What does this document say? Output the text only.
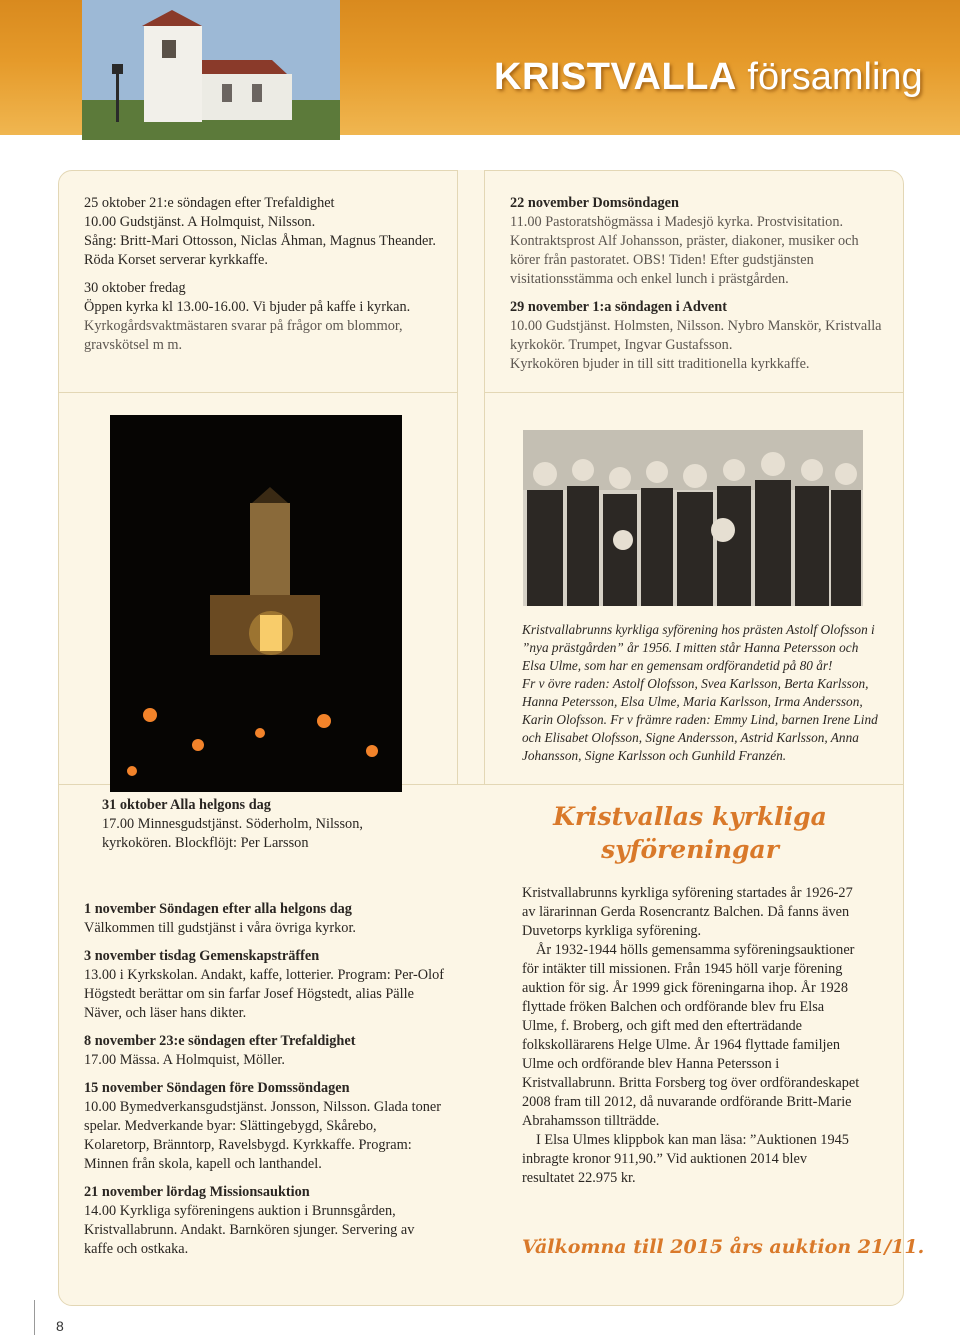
KRISTVALLA församling

25 oktober 21:e söndagen efter Trefaldighet

10.00 Gudstjänst. A Holmquist, Nilsson.

Sång: Britt-Mari Ottosson, Niclas Åhman, Magnus Theander.

Röda Korset serverar kyrkkaffe.

30 oktober fredag

Öppen kyrka kl 13.00-16.00. Vi bjuder på kaffe i kyrkan.

Kyrkogårdsvaktmästaren svarar på frågor om blommor, gravskötsel m m.

22 november Domsöndagen

11.00 Pastoratshögmässa i Madesjö kyrka. Prostvisitation.

Kontraktsprost Alf Johansson, präster, diakoner, musiker och körer från pastoratet. OBS! Tiden! Efter gudstjänsten visitationsstämma och enkel lunch i prästgården.

29 november 1:a söndagen i Advent

10.00 Gudstjänst. Holmsten, Nilsson. Nybro Manskör, Kristvalla kyrkokör. Trumpet, Ingvar Gustafsson.

Kyrkokören bjuder in till sitt traditionella kyrkkaffe.

Kristvallabrunns kyrkliga syförening hos prästen Astolf Olofsson i ”nya prästgården” år 1956. I mitten står Hanna Petersson och Elsa Ulme, som har en gemensam ordförandetid på 80 år!

Fr v övre raden: Astolf Olofsson, Svea Karlsson, Berta Karlsson, Hanna Petersson, Elsa Ulme, Maria Karlsson, Irma Andersson, Karin Olofsson. Fr v främre raden: Emmy Lind, barnen Irene Lind och Elisabet Olofsson, Signe Andersson, Astrid Karlsson, Anna Johansson, Signe Karlsson och Gunhild Franzén.

31 oktober Alla helgons dag

17.00 Minnesgudstjänst. Söderholm, Nilsson, kyrkokören. Blockflöjt: Per Larsson

1 november Söndagen efter alla helgons dag

Välkommen till gudstjänst i våra övriga kyrkor.

3 november tisdag Gemenskapsträffen

13.00 i Kyrkskolan. Andakt, kaffe, lotterier. Program: Per-Olof Högstedt berättar om sin farfar Josef Högstedt, alias Pälle Näver, och läser hans dikter.

8 november 23:e söndagen efter Trefaldighet

17.00 Mässa. A Holmquist, Möller.

15 november Söndagen före Domssöndagen

10.00 Bymedverkansgudstjänst. Jonsson, Nilsson. Glada toner spelar. Medverkande byar: Slättingebygd, Skårebo, Kolaretorp, Bränntorp, Ravelsbygd. Kyrkkaffe. Program: Minnen från skola, kapell och lanthandel.

21 november lördag Missionsauktion

14.00 Kyrkliga syföreningens auktion i Brunnsgården, Kristvallabrunn. Andakt. Barnkören sjunger. Servering av kaffe och ostkaka.

Kristvallas kyrkliga
syföreningar

Kristvallabrunns kyrkliga syförening startades år 1926-27 av lärarinnan Gerda Rosencrantz Balchen. Då fanns även Duvetorps kyrkliga syförening.

År 1932-1944 hölls gemensamma syföreningsauktioner för intäkter till missionen. Från 1945 höll varje förening auktion för sig. År 1999 gick föreningarna ihop. År 1928 flyttade fröken Balchen och ordförande blev fru Elsa Ulme, f. Broberg, och gift med den efterträdande folkskollärarens Helge Ulme. År 1964 flyttade familjen Ulme och ordförande blev Hanna Petersson i Kristvallabrunn. Britta Forsberg tog över ordförandeskapet 2008 fram till 2012, då nuvarande ordförande Britt-Marie Abrahamsson tillträdde.

I Elsa Ulmes klippbok kan man läsa: ”Auktionen 1945 inbragte kronor 911,90.” Vid auktionen 2014 blev resultatet 22.975 kr.

Välkomna till 2015 års auktion 21/11.
8
